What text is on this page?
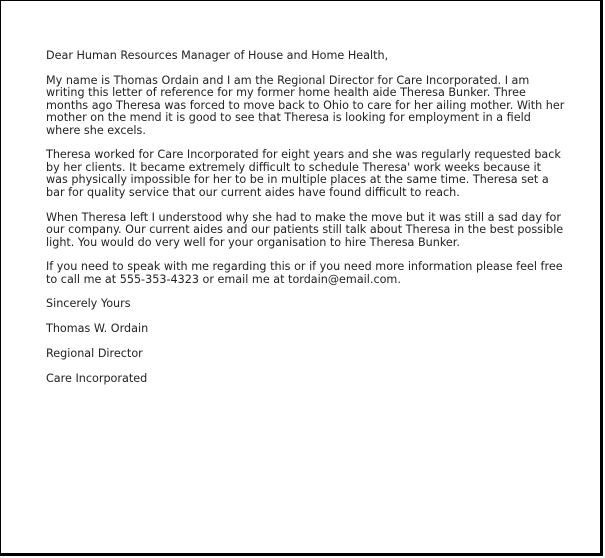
Dear Human Resources Manager of House and Home Health,

My name is Thomas Ordain and I am the Regional Director for Care Incorporated. I am writing this letter of reference for my former home health aide Theresa Bunker. Three months ago Theresa was forced to move back to Ohio to care for her ailing mother. With her mother on the mend it is good to see that Theresa is looking for employment in a field where she excels.

Theresa worked for Care Incorporated for eight years and she was regularly requested back by her clients. It became extremely difficult to schedule Theresa' work weeks because it was physically impossible for her to be in multiple places at the same time. Theresa set a bar for quality service that our current aides have found difficult to reach.

When Theresa left I understood why she had to make the move but it was still a sad day for our company. Our current aides and our patients still talk about Theresa in the best possible light. You would do very well for your organisation to hire Theresa Bunker.

If you need to speak with me regarding this or if you need more information please feel free to call me at 555-353-4323 or email me at tordain@email.com.

Sincerely Yours

Thomas W. Ordain

Regional Director

Care Incorporated
